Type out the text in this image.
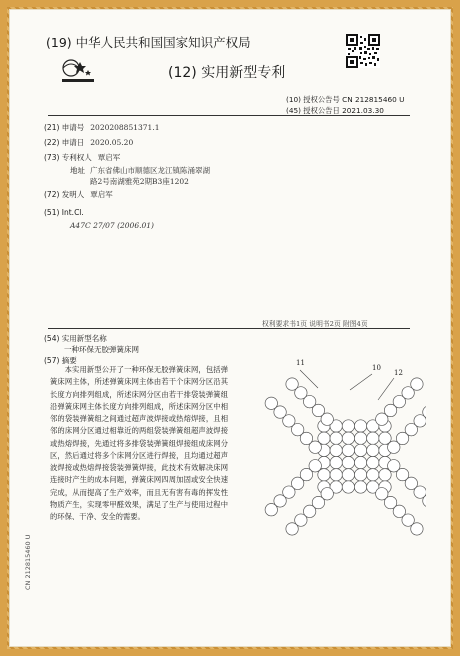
(19) 中华人民共和国国家知识产权局
(12) 实用新型专利
(10) 授权公告号 CN 212815460 U
(45) 授权公告日 2021.03.30
(21) 申请号 2020208851371.1
(22) 申请日 2020.05.20
(73) 专利权人 覃启军
地址 广东省佛山市顺德区龙江镇陈涌翠湖
路2号南湖雅苑2期B3座1202
(72) 发明人 覃启军
(51) Int.Cl.
A47C 27/07 (2006.01)
权利要求书1页 说明书2页 附图4页
(54) 实用新型名称
一种环保无胶弹簧床网
(57) 摘要

本实用新型公开了一种环保无胶弹簧床网，包括弹簧床网主体，所述弹簧床网主体由若干个床网分区沿其长度方向排列组成，所述床网分区由若干排袋装弹簧组沿弹簧床网主体长度方向排列组成，所述床网分区中相邻的袋装弹簧组之间通过超声波焊接或热熔焊接，且相邻的床网分区通过相靠近的两组袋装弹簧组超声波焊接或热熔焊接，先通过将多排袋装弹簧组焊接组成床网分区，然后通过将多个床网分区进行焊接，且均通过超声波焊接或热熔焊接袋装弹簧焊接，此技术有效解决床网连接时产生的成本问题，弹簧床网四周加固或安全快速完成，从而提高了生产效率，而且无有害有毒的挥发性物质产生，实现零甲醛效果，满足了生产与使用过程中的环保、干净、安全的需要。

11
10
12
CN 212815460 U
